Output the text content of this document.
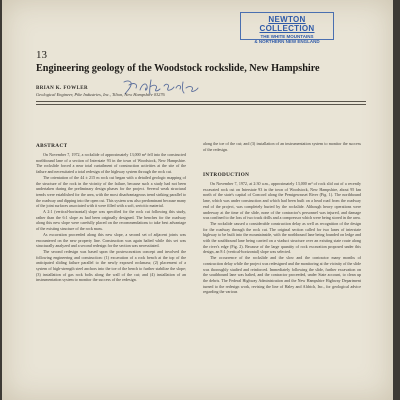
NEWTON COLLECTION
THE WHITE MOUNTAINS
& NORTHERN NEW ENGLAND
13
Engineering geology of the Woodstock rockslide, New Hampshire
BRIAN K. FOWLER
Geological Engineer, Pike Industries, Inc., Tilton, New Hampshire 03276
ABSTRACT

On November 7, 1972, a rockslide of approximately 13,000 m³ fell into the constructed northbound lane of a section of Interstate 93 in the town of Woodstock, New Hampshire. The rockslide forced a near total curtailment of construction activities at the site of the failure and necessitated a total redesign of the highway system through the rock cut.

The orientation of the 44 ± 215 m rock cut began with a detailed geologic mapping of the structure of the rock in the vicinity of the failure, because such a study had not been undertaken during the preliminary design phases for the project. Several weak structural trends were established for the area, with the most disadvantageous trend striking parallel to the roadway and dipping into the open cut. This system was also predominant because many of the joint surfaces associated with it were filled with a soft, sericitic material.

A 2:1 (vertical-horizontal) slope was specified for the rock cut following this study, rather than the 6:1 slope as had been originally designed. The benches for the roadway along this new slope were carefully placed on the recommendations to take best advantage of the existing structure of the rock mass.

As excavation proceeded along this new slope, a second set of adjacent joints was encountered on the new property line. Construction was again halted while this set was structurally analyzed and a second redesign for the section was necessitated.

The second redesign was based upon the postexcavation concept and involved the following engineering and construction: (1) excavation of a rock bench at the top of the anticipated sliding failure parallel to the newly exposed rockmass; (2) placement of a system of high-strength steel anchors into the toe of the bench to further stabilize the slope; (3) installation of gas rock bolts along the wall of the cut; and (4) installation of an instrumentation system to monitor the success of the redesign.

along the toe of the cut; and (3) installation of an instrumentation system to monitor the success of the redesign.
INTRODUCTION

On November 7, 1972, at 2:30 a.m., approximately 13,000 m³ of rock slid out of a recently excavated rock cut on Interstate 93 in the town of Woodstock, New Hampshire, about 95 km north of the state's capital of Concord along the Pemigewasset River (Fig. 1). The northbound lane, which was under construction and which had been built on a head road from the roadway end of the project, was completely buried by the rockslide. Although heavy operations were underway at the time of the slide, none of the contractor's personnel was injured, and damage was confined to the loss of two track drills and a compressor which were being stored in the area.

The rockslide caused a considerable construction delay as well as recognition of the design for the roadway through the rock cut. The original section called for two lanes of interstate highway to be built into the mountainside, with the northbound lane being founded on ledge and with the southbound lane being carried on a viaduct structure over an existing state route along the river's edge (Fig. 2). Because of the large quantity of rock excavation proposed under this design, an 8:1 (vertical-horizontal) slope was selected.

The occurrence of the rockslide and the slow and the contractor many months of construction delay while the project was redesigned and the monitoring at the vicinity of the slide was thoroughly studied and reinforced. Immediately following the slide, further excavation on the southbound lane was halted, and the contractor proceeded, under State account, to clean up the debris. The Federal Highway Administration and the New Hampshire Highway Department turned to the redesign work, revising the line of Haley and Aldrich, Inc., for geological advice regarding the various
